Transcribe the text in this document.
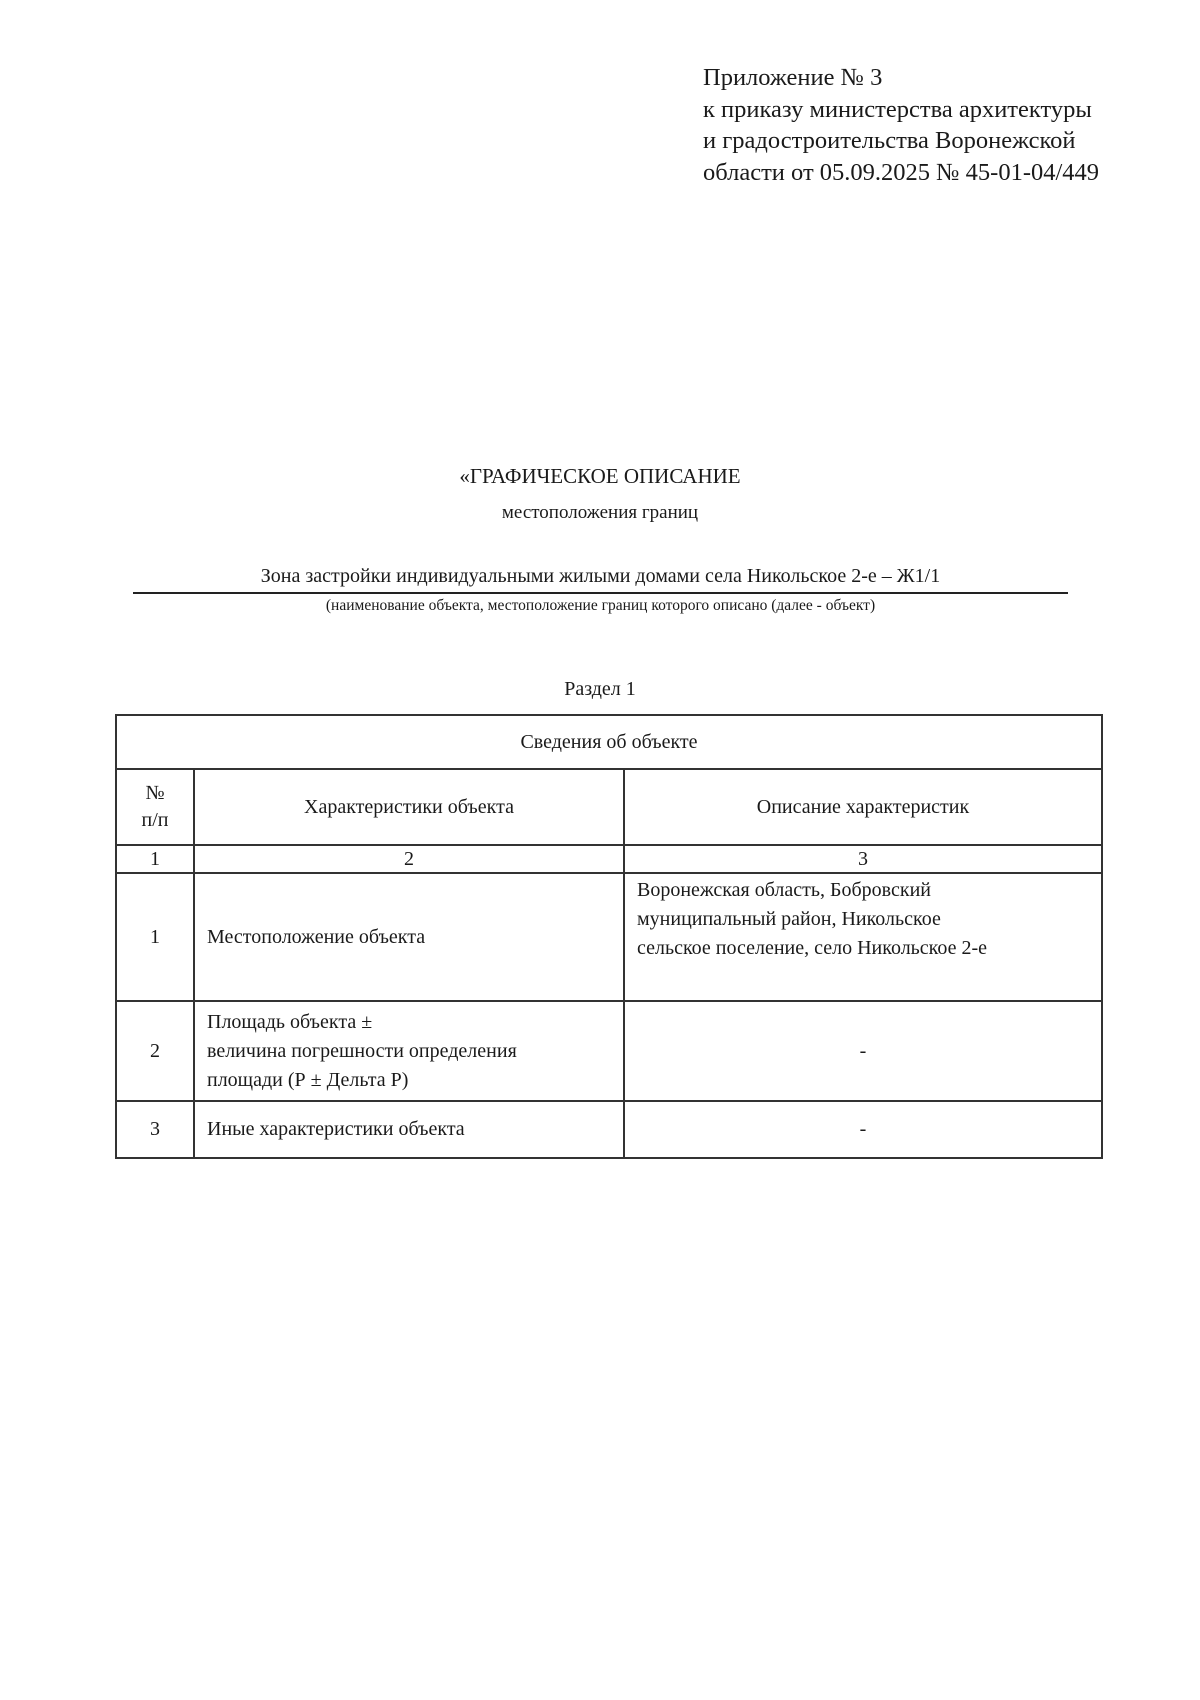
Приложение № 3
к приказу министерства архитектуры
и градостроительства Воронежской
области от 05.09.2025 № 45-01-04/449
«ГРАФИЧЕСКОЕ ОПИСАНИЕ
местоположения границ
Зона застройки индивидуальными жилыми домами села Никольское 2-е – Ж1/1
(наименование объекта, местоположение границ которого описано (далее - объект)
Раздел 1
Сведения об объекте		

№
п/п	Характеристики объекта	Описание характеристик
1	2	3
1	Местоположение объекта	Воронежская область, Бобровский
муниципальный район, Никольское
сельское поселение, село Никольское 2-е

2	Площадь объекта ±
величина погрешности определения
площади (Р ± Дельта Р)	-

3	Иные характеристики объекта	-
